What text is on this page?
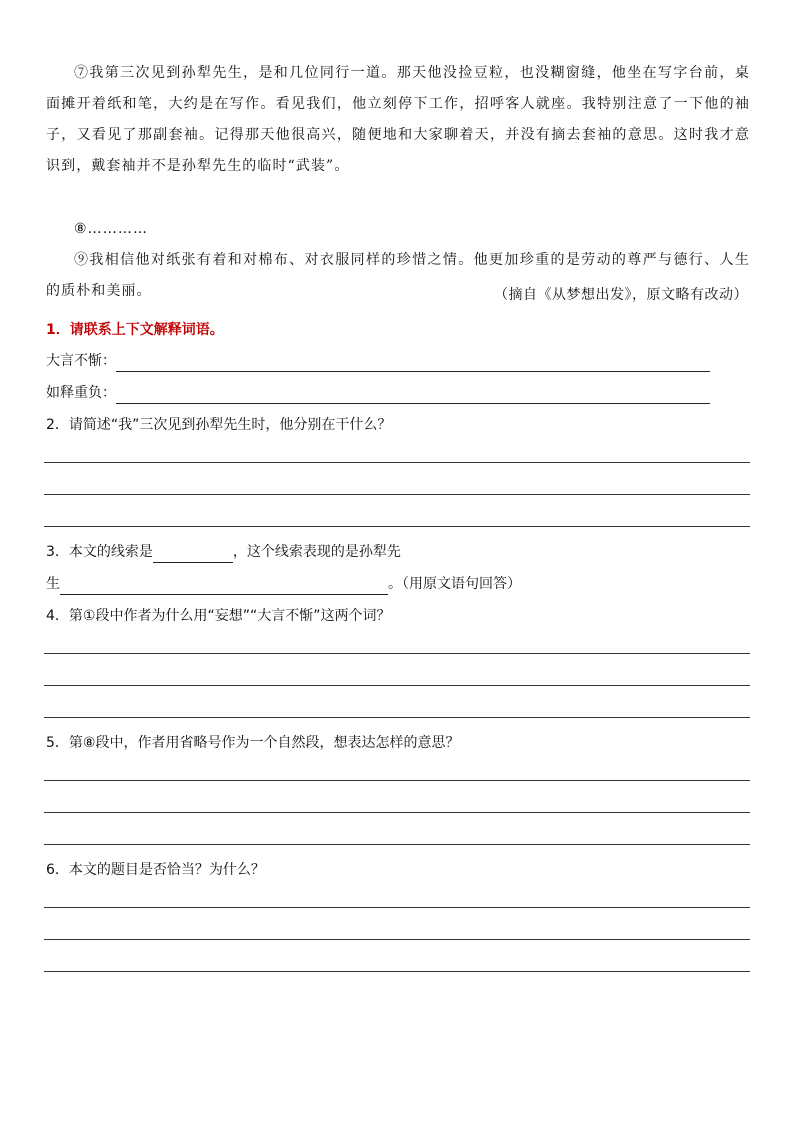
⑦我第三次见到孙犁先生，是和几位同行一道。那天他没捡豆粒，也没糊窗缝，他坐在写字台前，桌面摊开着纸和笔，大约是在写作。看见我们，他立刻停下工作，招呼客人就座。我特别注意了一下他的袖子，又看见了那副套袖。记得那天他很高兴，随便地和大家聊着天，并没有摘去套袖的意思。这时我才意识到，戴套袖并不是孙犁先生的临时“武装”。

⑧…………

⑨我相信他对纸张有着和对棉布、对衣服同样的珍惜之情。他更加珍重的是劳动的尊严与德行、人生的质朴和美丽。	（摘自《从梦想出发》，原文略有改动）
1．请联系上下文解释词语。
大言不惭：
如释重负：
2．请简述“我”三次见到孙犁先生时，他分别在干什么？
3．本文的线索是	，这个线索表现的是孙犁先
生	。（用原文语句回答）
4．第①段中作者为什么用“妄想”“大言不惭”这两个词？
5．第⑧段中，作者用省略号作为一个自然段，想表达怎样的意思？
6．本文的题目是否恰当？为什么？
